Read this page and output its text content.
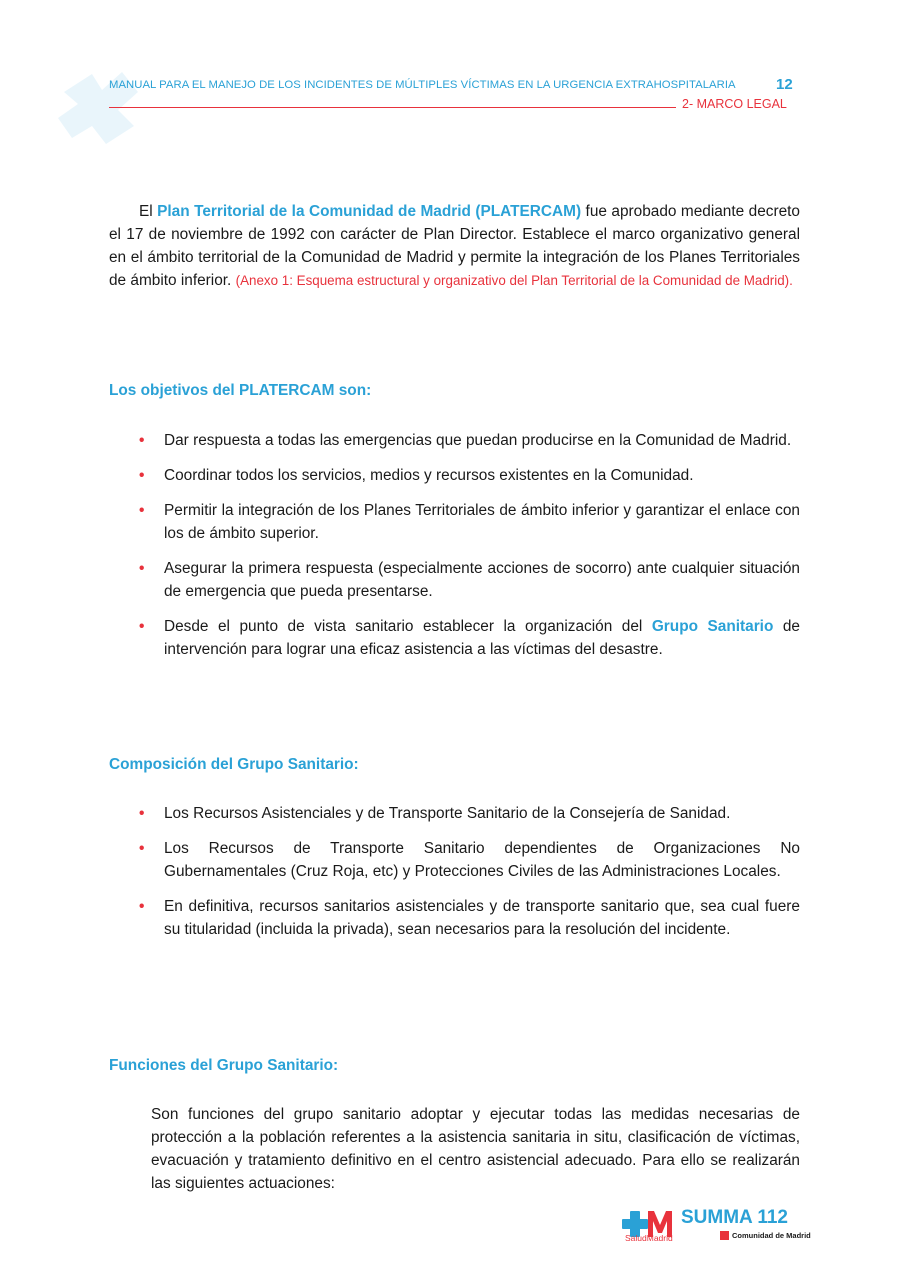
MANUAL PARA EL MANEJO DE LOS INCIDENTES DE MÚLTIPLES VÍCTIMAS EN LA URGENCIA EXTRAHOSPITALARIA	12
2- MARCO LEGAL

El Plan Territorial de la Comunidad de Madrid (PLATERCAM) fue aprobado mediante decreto el 17 de noviembre de 1992 con carácter de Plan Director. Establece el marco organizativo general en el ámbito territorial de la Comunidad de Madrid y permite la integración de los Planes Territoriales de ámbito inferior. (Anexo 1: Esquema estructural y organizativo del Plan Territorial de la Comunidad de Madrid).

Los objetivos del PLATERCAM son:
• Dar respuesta a todas las emergencias que puedan producirse en la Comunidad de Madrid.
• Coordinar todos los servicios, medios y recursos existentes en la Comunidad.
• Permitir la integración de los Planes Territoriales de ámbito inferior y garantizar el enlace con los de ámbito superior.
• Asegurar la primera respuesta (especialmente acciones de socorro) ante cualquier situación de emergencia que pueda presentarse.
• Desde el punto de vista sanitario establecer la organización del Grupo Sanitario de intervención para lograr una eficaz asistencia a las víctimas del desastre.
Composición del Grupo Sanitario:
• Los Recursos Asistenciales y de Transporte Sanitario de la Consejería de Sanidad.
• Los Recursos de Transporte Sanitario dependientes de Organizaciones No Gubernamentales (Cruz Roja, etc) y Protecciones Civiles de las Administraciones Locales.
• En definitiva, recursos sanitarios asistenciales y de transporte sanitario que, sea cual fuere su titularidad (incluida la privada), sean necesarios para la resolución del incidente.
Funciones del Grupo Sanitario:

Son funciones del grupo sanitario adoptar y ejecutar todas las medidas necesarias de protección a la población referentes a la asistencia sanitaria in situ, clasificación de víctimas, evacuación y tratamiento definitivo en el centro asistencial adecuado. Para ello se realizarán las siguientes actuaciones:

SaludMadrid
SUMMA 112
Comunidad de Madrid
